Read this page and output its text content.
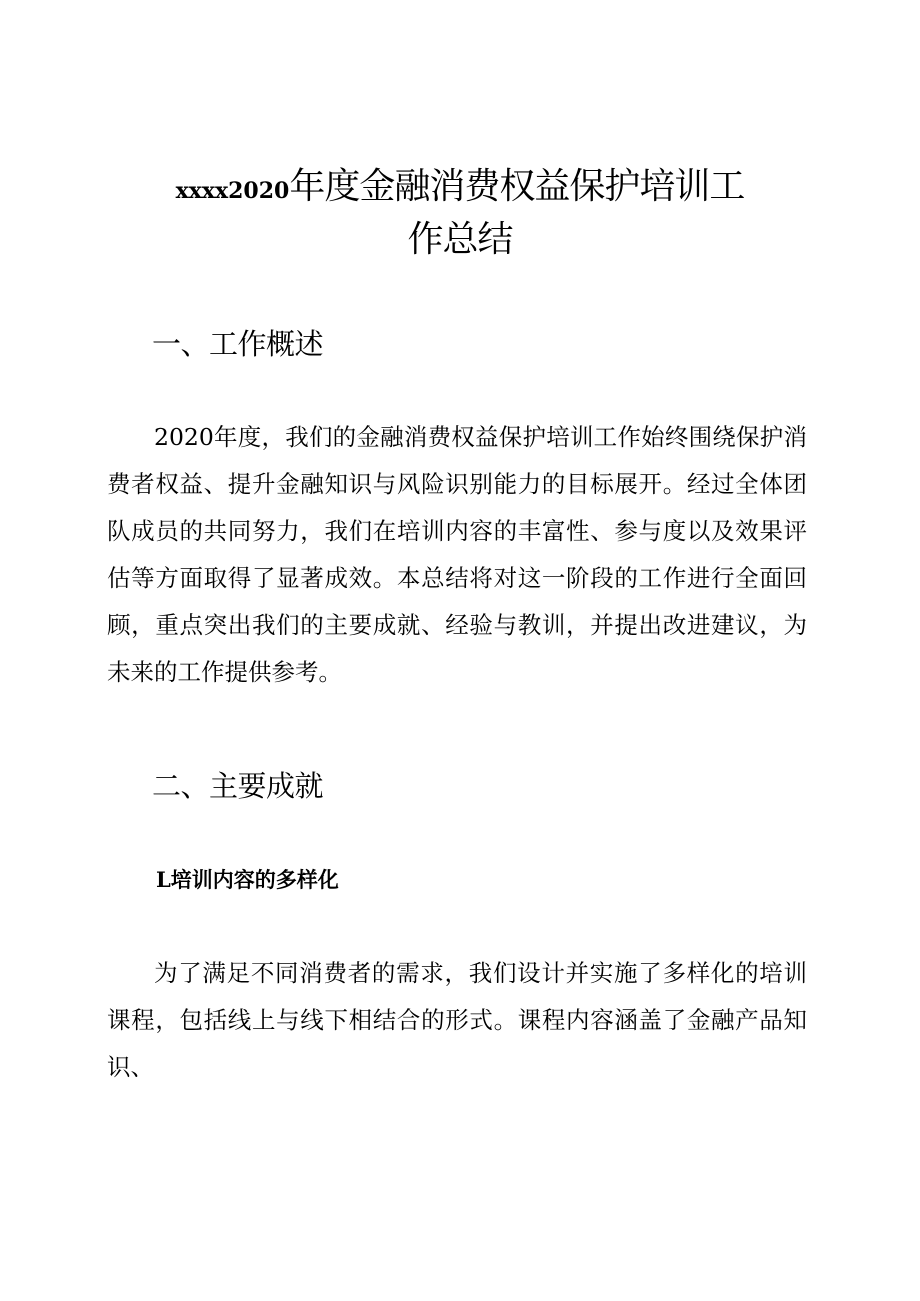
xxxx2020年度金融消费权益保护培训工
作总结
一、工作概述

2020年度，我们的金融消费权益保护培训工作始终围绕保护消费者权益、提升金融知识与风险识别能力的目标展开。经过全体团队成员的共同努力，我们在培训内容的丰富性、参与度以及效果评估等方面取得了显著成效。本总结将对这一阶段的工作进行全面回顾，重点突出我们的主要成就、经验与教训，并提出改进建议，为未来的工作提供参考。

二、主要成就
L培训内容的多样化

为了满足不同消费者的需求，我们设计并实施了多样化的培训课程，包括线上与线下相结合的形式。课程内容涵盖了金融产品知识、
